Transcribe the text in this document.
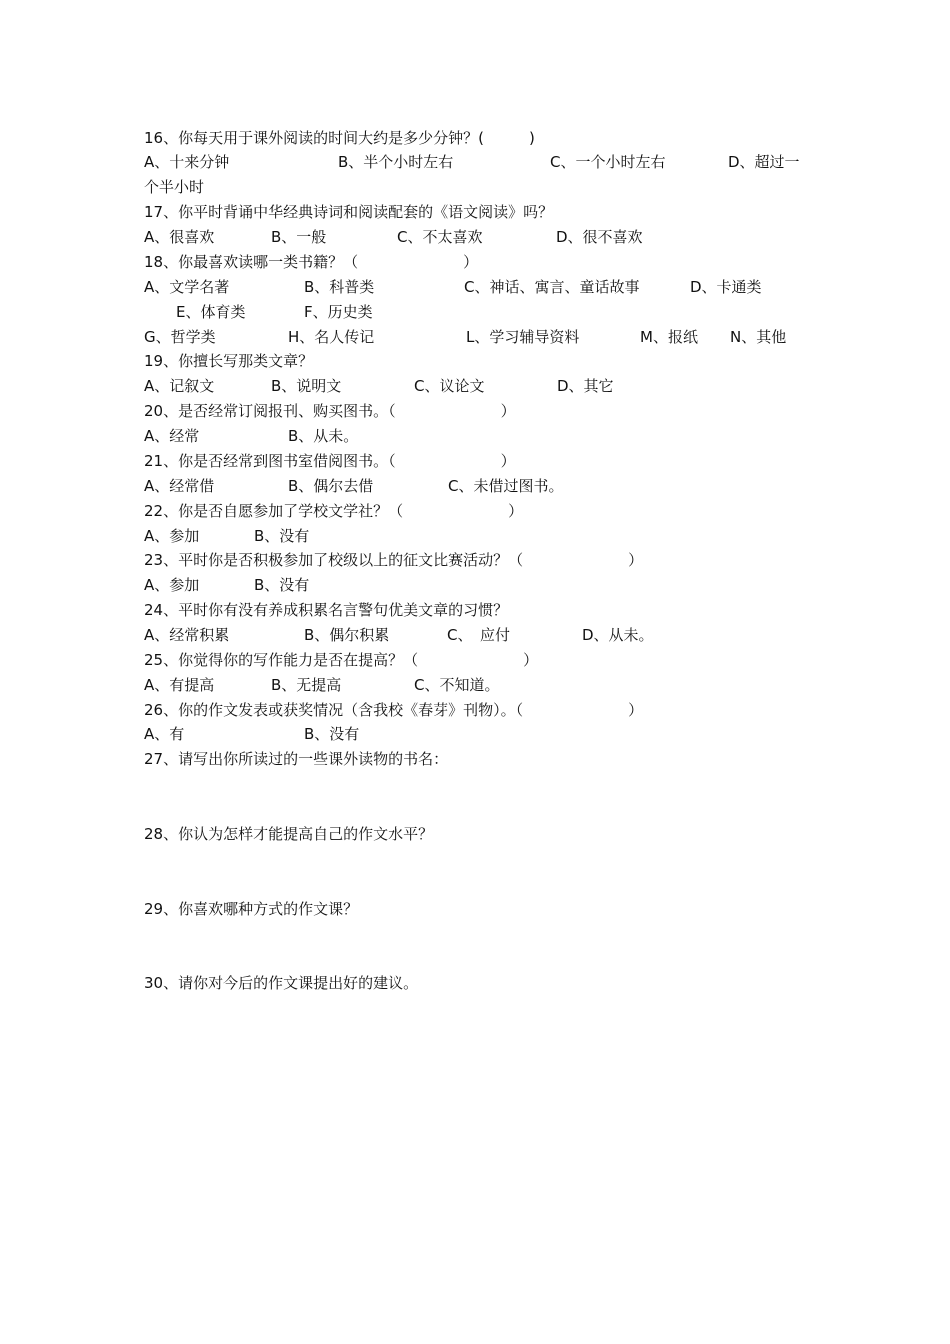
16、你每天用于课外阅读的时间大约是多少分钟？(　　　)
A、十来分钟	B、半个小时左右	C、一个小时左右	D、超过一
个半小时
17、你平时背诵中华经典诗词和阅读配套的《语文阅读》吗？
A、很喜欢	B、一般	C、不太喜欢	D、很不喜欢
18、你最喜欢读哪一类书籍？（　　　　　　　）
A、文学名著	B、科普类	C、神话、寓言、童话故事	D、卡通类
E、体育类	F、历史类
G、哲学类	H、名人传记	L、学习辅导资料	M、报纸 N、其他
19、你擅长写那类文章？
A、记叙文	B、说明文	C、议论文	D、其它
20、是否经常订阅报刊、购买图书。（　　　　　　　）
A、经常	B、从未。
21、你是否经常到图书室借阅图书。（　　　　　　　）
A、经常借	B、偶尔去借	C、未借过图书。
22、你是否自愿参加了学校文学社？（　　　　　　　）
A、参加	B、没有
23、平时你是否积极参加了校级以上的征文比赛活动？（　　　　　　　）
A、参加	B、没有
24、平时你有没有养成积累名言警句优美文章的习惯？
A、经常积累	B、偶尔积累	C、　应付	D、从未。
25、你觉得你的写作能力是否在提高？（　　　　　　　）
A、有提高	B、无提高	C、不知道。
26、你的作文发表或获奖情况（含我校《春芽》刊物）。（　　　　　　　）
A、有	B、没有
27、请写出你所读过的一些课外读物的书名：
28、你认为怎样才能提高自己的作文水平？
29、你喜欢哪种方式的作文课？
30、请你对今后的作文课提出好的建议。
